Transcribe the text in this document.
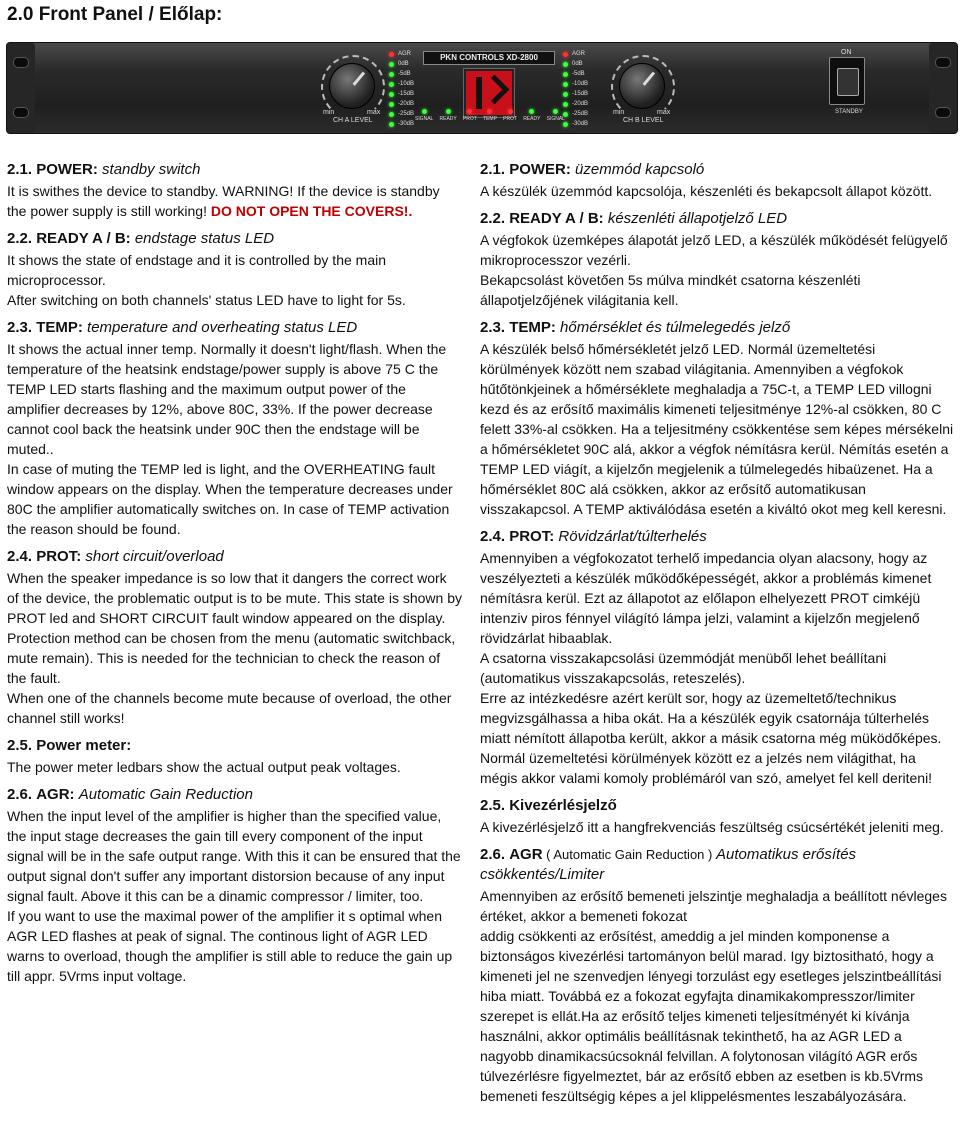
2.0 Front Panel / Előlap:
min	max
CH A LEVEL
AGR
0dB
-5dB
-10dB
-15dB
-20dB
-25dB
-30dB
PKN CONTROLS XD-2800	AGR
0dB
-5dB
-10dB
-15dB
-20dB
-25dB
-30dB
SIGNAL READY PROT TEMP PROT READY SIGNAL
min	max
CH B LEVEL
ON
STANDBY
2.1. POWER: standby switch

It is swithes the device to standby. WARNING! If the device is standby the power supply is still working! DO NOT OPEN THE COVERS!.

2.2. READY A / B: endstage status LED

It shows the state of endstage and it is controlled by the main microprocessor.

After switching on both channels' status LED have to light for 5s.

2.3. TEMP: temperature and overheating status LED

It shows the actual inner temp. Normally it doesn't light/flash. When the temperature of the heatsink endstage/power supply is above 75 C the TEMP LED starts flashing and the maximum output power of the amplifier decreases by 12%, above 80C, 33%. If the power decrease cannot cool back the heatsink under 90C then the endstage will be muted..

In case of muting the TEMP led is light, and the OVERHEATING fault window appears on the display. When the temperature decreases under 80C the amplifier automatically switches on. In case of TEMP activation the reason should be found.

2.4. PROT: short circuit/overload

When the speaker impedance is so low that it dangers the correct work of the device, the problematic output is to be mute. This state is shown by PROT led and SHORT CIRCUIT fault window appeared on the display.

Protection method can be chosen from the menu (automatic switchback, mute remain). This is needed for the technician to check the reason of the fault.

When one of the channels become mute because of overload, the other channel still works!

2.5. Power meter:

The power meter ledbars show the actual output peak voltages.

2.6. AGR: Automatic Gain Reduction

When the input level of the amplifier is higher than the specified value, the input stage decreases the gain till every component of the input signal will be in the safe output range. With this it can be ensured that the output signal don't suffer any important distorsion because of any input signal fault. Above it this can be a dinamic compressor / limiter, too.

If you want to use the maximal power of the amplifier it s optimal when AGR LED flashes at peak of signal. The continous light of AGR LED warns to overload, though the amplifier is still able to reduce the gain up till appr. 5Vrms input voltage.

2.1. POWER: üzemmód kapcsoló

A készülék üzemmód kapcsolója, készenléti és bekapcsolt állapot között.

2.2. READY A / B: készenléti állapotjelző LED

A végfokok üzemképes álapotát jelző LED, a készülék működését felügyelő mikroprocesszor vezérli.

Bekapcsolást követően 5s múlva mindkét csatorna készenléti állapotjelzőjének világitania kell.

2.3. TEMP: hőmérséklet és túlmelegedés jelző

A készülék belső hőmérsékletét jelző LED. Normál üzemeltetési körülmények között nem szabad világitania. Amennyiben a végfokok hűtőtönkjeinek a hőmérséklete meghaladja a 75C-t, a TEMP LED villogni kezd és az erősítő maximális kimeneti teljesitménye 12%-al csökken, 80 C felett 33%-al csökken. Ha a teljesitmény csökkentése sem képes mérsékelni a hőmérsékletet 90C alá, akkor a végfok némításra kerül. Némítás esetén a TEMP LED viágít, a kijelzőn megjelenik a túlmelegedés hibaüzenet. Ha a hőmérséklet 80C alá csökken, akkor az erősítő automatikusan visszakapcsol. A TEMP aktiválódása esetén a kiváltó okot meg kell keresni.

2.4. PROT: Rövidzárlat/túlterhelés

Amennyiben a végfokozatot terhelő impedancia olyan alacsony, hogy az veszélyezteti a készülék működőképességét, akkor a problémás kimenet némításra kerül. Ezt az állapotot az előlapon elhelyezett PROT cimkéjü intenziv piros fénnyel világító lámpa jelzi, valamint a kijelzőn megjelenő rövidzárlat hibaablak.

A csatorna visszakapcsolási üzemmódját menüből lehet beállítani (automatikus visszakapcsolás, reteszelés).

Erre az intézkedésre azért került sor, hogy az üzemeltető/technikus megvizsgálhassa a hiba okát. Ha a készülék egyik csatornája túlterhelés miatt némított állapotba került, akkor a másik csatorna még müködőképes. Normál üzemeltetési körülmények között ez a jelzés nem világithat, ha mégis akkor valami komoly problémáról van szó, amelyet fel kell deriteni!

2.5. Kivezérlésjelző

A kivezérlésjelző itt a hangfrekvenciás feszültség csúcsértékét jeleniti meg.

2.6. AGR ( Automatic Gain Reduction ) Automatikus erősítés csökkentés/Limiter

Amennyiben az erősítő bemeneti jelszintje meghaladja a beállított névleges értéket, akkor a bemeneti fokozat

addig csökkenti az erősítést, ameddig a jel minden komponense a biztonságos kivezérlési tartományon belül marad. Igy biztositható, hogy a kimeneti jel ne szenvedjen lényegi torzulást egy esetleges jelszintbeállítási hiba miatt. Továbbá ez a fokozat egyfajta dinamikakompresszor/limiter szerepet is ellát.Ha az erősítő teljes kimeneti teljesítményét ki kívánja használni, akkor optimális beállításnak tekinthető, ha az AGR LED a nagyobb dinamikacsúcsoknál felvillan. A folytonosan világító AGR erős túlvezérlésre figyelmeztet, bár az erősítő ebben az esetben is kb.5Vrms bemeneti feszültségig képes a jel klippelésmentes leszabályozására.
